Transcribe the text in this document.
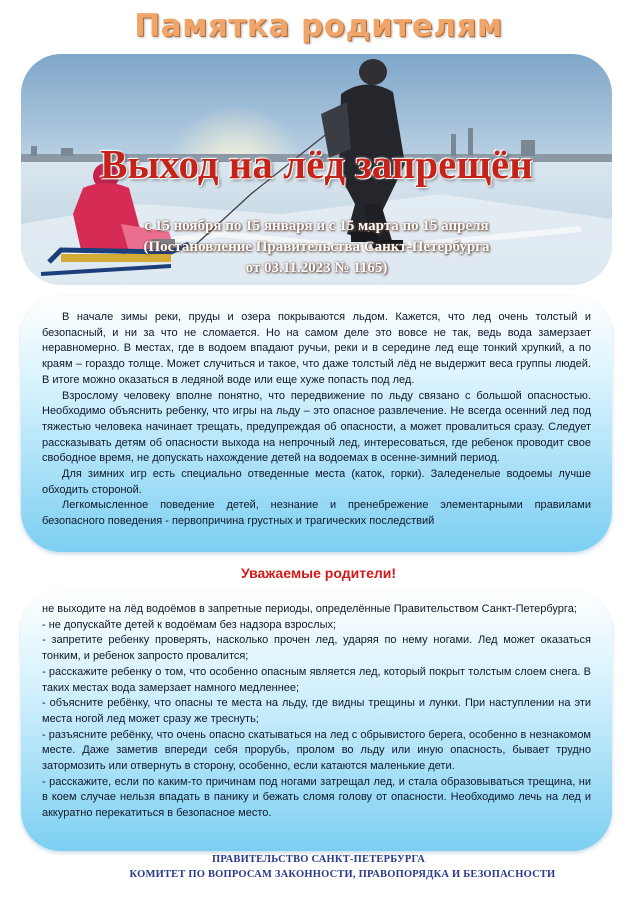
Памятка родителям
Выход на лёд запрещён
с 15 ноября по 15 января и с 15 марта по 15 апреля
(Постановление Правительства Санкт-Петербурга
от 03.11.2023 № 1165)

В начале зимы реки, пруды и озера покрываются льдом. Кажется, что лед очень толстый и безопасный, и ни за что не сломается. Но на самом деле это вовсе не так, ведь вода замерзает неравномерно. В местах, где в водоем впадают ручьи, реки и в середине лед еще тонкий хрупкий, а по краям – гораздо толще. Может случиться и такое, что даже толстый лёд не выдержит веса группы людей. В итоге можно оказаться в ледяной воде или еще хуже попасть под лед.

Взрослому человеку вполне понятно, что передвижение по льду связано с большой опасностью. Необходимо объяснить ребенку, что игры на льду – это опасное развлечение. Не всегда осенний лед под тяжестью человека начинает трещать, предупреждая об опасности, а может провалиться сразу. Следует рассказывать детям об опасности выхода на непрочный лед, интересоваться, где ребенок проводит свое свободное время, не допускать нахождение детей на водоемах в осенне-зимний период.

Для зимних игр есть специально отведенные места (каток, горки). Заледенелые водоемы лучше обходить стороной.

Легкомысленное поведение детей, незнание и пренебрежение элементарными правилами безопасного поведения - первопричина грустных и трагических последствий

Уважаемые родители!

не выходите на лёд водоёмов в запретные периоды, определённые Правительством Санкт-Петербурга;

- не допускайте детей к водоёмам без надзора взрослых;

- запретите ребенку проверять, насколько прочен лед, ударяя по нему ногами. Лед может оказаться тонким, и ребенок запросто провалится;

- расскажите ребенку о том, что особенно опасным является лед, который покрыт толстым слоем снега. В таких местах вода замерзает намного медленнее;

- объясните ребёнку, что опасны те места на льду, где видны трещины и лунки. При наступлении на эти места ногой лед может сразу же треснуть;

- разъясните ребёнку, что очень опасно скатываться на лед с обрывистого берега, особенно в незнакомом месте. Даже заметив впереди себя прорубь, пролом во льду или иную опасность, бывает трудно затормозить или отвернуть в сторону, особенно, если катаются маленькие дети.

- расскажите, если по каким-то причинам под ногами затрещал лед, и стала образовываться трещина, ни в коем случае нельзя впадать в панику и бежать сломя голову от опасности. Необходимо лечь на лед и аккуратно перекатиться в безопасное место.

ПРАВИТЕЛЬСТВО САНКТ-ПЕТЕРБУРГА
КОМИТЕТ ПО ВОПРОСАМ ЗАКОННОСТИ, ПРАВОПОРЯДКА И БЕЗОПАСНОСТИ
